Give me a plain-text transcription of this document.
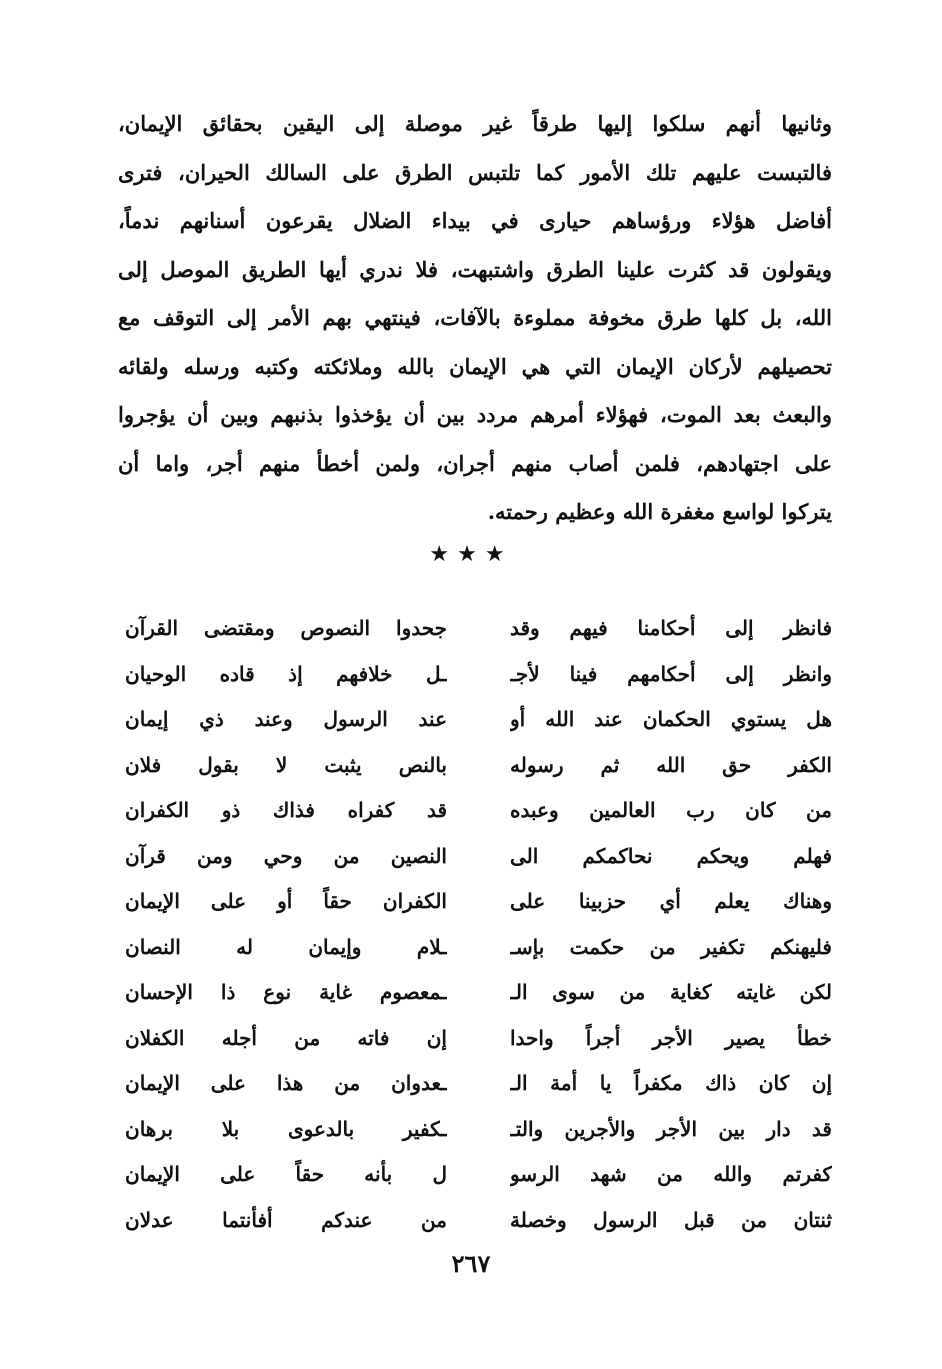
وثانيها أنهم سلكوا إليها طرقاً غير موصلة إلى اليقين بحقائق الإيمان،
فالتبست عليهم تلك الأمور كما تلتبس الطرق على السالك الحيران، فترى
أفاضل هؤلاء ورؤساهم حيارى في بيداء الضلال يقرعون أسنانهم ندماً،
ويقولون قد كثرت علينا الطرق واشتبهت، فلا ندري أيها الطريق الموصل إلى
الله، بل كلها طرق مخوفة مملوءة بالآفات، فينتهي بهم الأمر إلى التوقف مع
تحصيلهم لأركان الإيمان التي هي الإيمان بالله وملائكته وكتبه ورسله ولقائه
والبعث بعد الموت، فهؤلاء أمرهم مردد بين أن يؤخذوا بذنبهم وبين أن يؤجروا
على اجتهادهم، فلمن أصاب منهم أجران، ولمن أخطأ منهم أجر، واما أن
يتركوا لواسع مغفرة الله وعظيم رحمته.
★★★
فانظر إلى أحكامنا فيهم وقد
جحدوا النصوص ومقتضى القرآن
وانظر إلى أحكامهم فينا لأجـ
ـل خلافهم إذ قاده الوحيان
هل يستوي الحكمان عند الله أو
عند الرسول وعند ذي إيمان
الكفر حق الله ثم رسوله
بالنص يثبت لا بقول فلان
من كان رب العالمين وعبده
قد كفراه فذاك ذو الكفران
فهلم ويحكم نحاكمكم الى
النصين من وحي ومن قرآن
وهناك يعلم أي حزبينا على
الكفران حقاً أو على الإيمان
فليهنكم تكفير من حكمت بإسـ
ـلام وإيمان له النصان
لكن غايته كغاية من سوى الـ
ـمعصوم غاية نوع ذا الإحسان
خطأ يصير الأجر أجراً واحدا
إن فاته من أجله الكفلان
إن كان ذاك مكفراً يا أمة الـ
ـعدوان من هذا على الإيمان
قد دار بين الأجر والأجرين والتـ
ـكفير بالدعوى بلا برهان
كفرتم والله من شهد الرسو
ل بأنه حقاً على الإيمان
ثنتان من قبل الرسول وخصلة
من عندكم أفأنتما عدلان
٢٦٧
